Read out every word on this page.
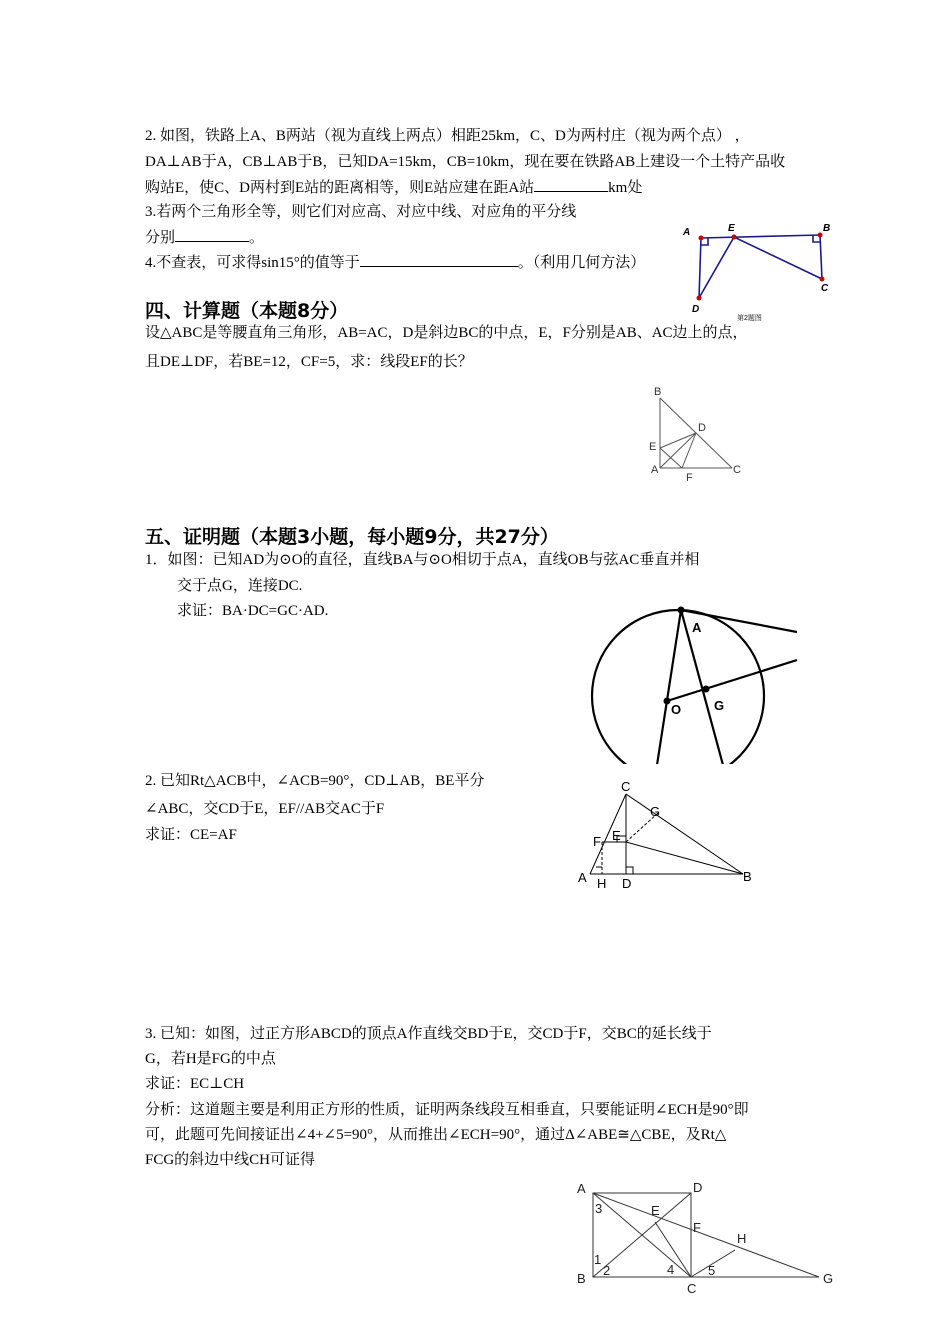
2. 如图，铁路上A、B两站（视为直线上两点）相距25km，C、D为两村庄（视为两个点） ，
DA⊥AB于A，CB⊥AB于B，已知DA=15km，CB=10km，现在要在铁路AB上建设一个土特产品收
购站E，使C、D两村到E站的距离相等，则E站应建在距A站	km处
3.若两个三角形全等，则它们对应高、对应中线、对应角的平分线
分别	。
4.不查表，可求得sin15°的值等于	。（利用几何方法）
A	E	B
D
C
第2题图
四、计算题（本题8分）
设△ABC是等腰直角三角形，AB=AC，D是斜边BC的中点，E，F分别是AB、AC边上的点，
且DE⊥DF，若BE=12，CF=5，求：线段EF的长？
B
D
E
A
F
C
五、证明题（本题3小题，每小题9分，共27分）
1．如图：已知AD为⊙O的直径，直线BA与⊙O相切于点A，直线OB与弦AC垂直并相
交于点G，连接DC.
求证：BA·DC=GC·AD.
A
O	G
2. 已知Rt△ACB中，∠ACB=90°，CD⊥AB，BE平分
∠ABC，交CD于E，EF//AB交AC于F
求证：CE=AF
C
G
F E
A H D	B
3. 已知：如图，过正方形ABCD的顶点A作直线交BD于E，交CD于F，交BC的延长线于
G，若H是FG的中点
求证：EC⊥CH
分析：这道题主要是利用正方形的性质，证明两条线段互相垂直，只要能证明∠ECH是90°即
可，此题可先间接证出∠4+∠5=90°，从而推出∠ECH=90°，通过Δ∠ABE≅△CBE，及Rt△
FCG的斜边中线CH可证得
A	D
3	E
F
H
1
B
2	4	5
C
G
